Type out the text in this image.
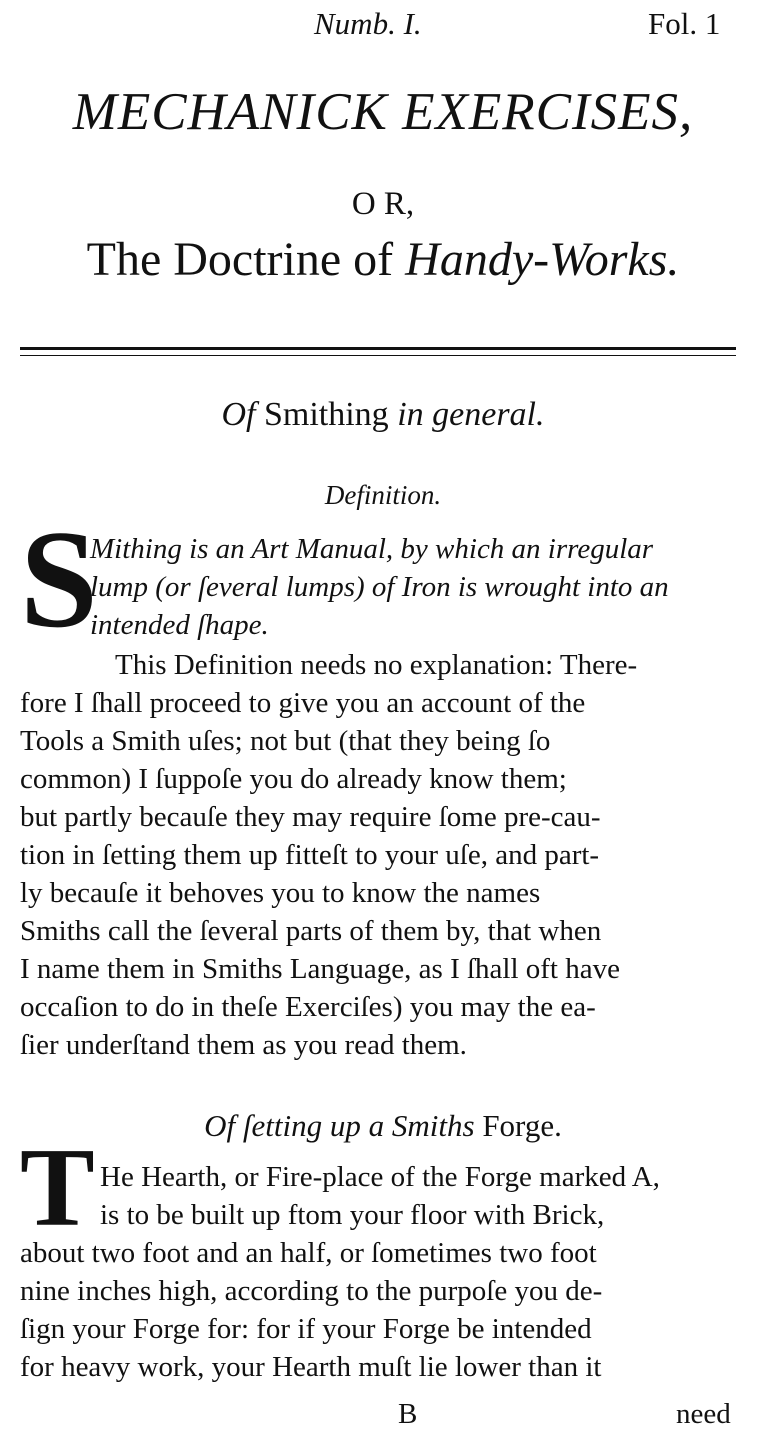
Numb. I.	Fol. 1
MECHANICK EXERCISES,
O R,
The Doctrine of Handy-Works.
Of Smithing in general.
Definition.
S
Mithing is an Art Manual, by which an irregular
lump (or ſeveral lumps) of Iron is wrought into an
intended ſhape.
This Definition needs no explanation: There-
fore I ſhall proceed to give you an account of the
Tools a Smith uſes; not but (that they being ſo
common) I ſuppoſe you do already know them;
but partly becauſe they may require ſome pre-cau-
tion in ſetting them up fitteſt to your uſe, and part-
ly becauſe it behoves you to know the names
Smiths call the ſeveral parts of them by, that when
I name them in Smiths Language, as I ſhall oft have
occaſion to do in theſe Exerciſes) you may the ea-
ſier underſtand them as you read them.
Of ſetting up a Smiths Forge.
T He Hearth, or Fire-place of the Forge marked A,
is to be built up ftom your floor with Brick,
about two foot and an half, or ſometimes two foot
nine inches high, according to the purpoſe you de-
ſign your Forge for: for if your Forge be intended
for heavy work, your Hearth muſt lie lower than it
B	need
